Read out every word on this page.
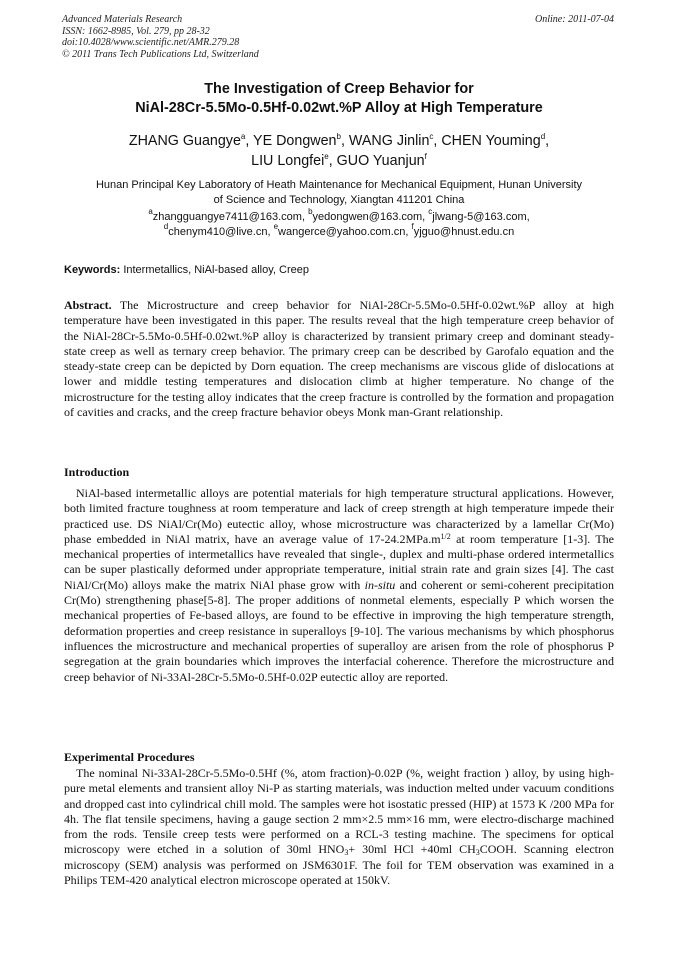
Advanced Materials Research
ISSN: 1662-8985, Vol. 279, pp 28-32
doi:10.4028/www.scientific.net/AMR.279.28
© 2011 Trans Tech Publications Ltd, Switzerland
Online: 2011-07-04
The Investigation of Creep Behavior for
NiAl-28Cr-5.5Mo-0.5Hf-0.02wt.%P Alloy at High Temperature
ZHANG Guangye$^a$, YE Dongwen$^b$, WANG Jinlin$^c$, CHEN Youming$^d$,
LIU Longfei$^e$, GUO Yuanjun$^f$
Hunan Principal Key Laboratory of Heath Maintenance for Mechanical Equipment, Hunan University
of Science and Technology, Xiangtan 411201 China
$^a$zhangguangye7411@163.com, $^b$yedongwen@163.com, $^c$jlwang-5@163.com,
$^d$chenym410@live.cn, $^e$wangerce@yahoo.com.cn, $^f$yjguo@hnust.edu.cn
Keywords: Intermetallics, NiAl-based alloy, Creep

Abstract. The Microstructure and creep behavior for NiAl-28Cr-5.5Mo-0.5Hf-0.02wt.%P alloy at high temperature have been investigated in this paper. The results reveal that the high temperature creep behavior of the NiAl-28Cr-5.5Mo-0.5Hf-0.02wt.%P alloy is characterized by transient primary creep and dominant steady-state creep as well as ternary creep behavior. The primary creep can be described by Garofalo equation and the steady-state creep can be depicted by Dorn equation. The creep mechanisms are viscous glide of dislocations at lower and middle testing temperatures and dislocation climb at higher temperature. No change of the microstructure for the testing alloy indicates that the creep fracture is controlled by the formation and propagation of cavities and cracks, and the creep fracture behavior obeys Monk man-Grant relationship.

Introduction

NiAl-based intermetallic alloys are potential materials for high temperature structural applications. However, both limited fracture toughness at room temperature and lack of creep strength at high temperature impede their practiced use. DS NiAl/Cr(Mo) eutectic alloy, whose microstructure was characterized by a lamellar Cr(Mo) phase embedded in NiAl matrix, have an average value of $17-24.2MPa.m^{1/2}$ at room temperature [1-3]. The mechanical properties of intermetallics have revealed that single-, duplex and multi-phase ordered intermetallics can be super plastically deformed under appropriate temperature, initial strain rate and grain sizes [4]. The cast NiAl/Cr(Mo) alloys make the matrix NiAl phase grow with in-situ and coherent or semi-coherent precipitation Cr(Mo) strengthening phase[5-8]. The proper additions of nonmetal elements, especially P which worsen the mechanical properties of Fe-based alloys, are found to be effective in improving the high temperature strength, deformation properties and creep resistance in superalloys [9-10]. The various mechanisms by which phosphorus influences the microstructure and mechanical properties of superalloy are arisen from the role of phosphorus P segregation at the grain boundaries which improves the interfacial coherence. Therefore the microstructure and creep behavior of Ni-33Al-28Cr-5.5Mo-0.5Hf-0.02P eutectic alloy are reported.

Experimental Procedures

The nominal Ni-33Al-28Cr-5.5Mo-0.5Hf (%, atom fraction)-0.02P (%, weight fraction ) alloy, by using high-pure metal elements and transient alloy Ni-P as starting materials, was induction melted under vacuum conditions and dropped cast into cylindrical chill mold. The samples were hot isostatic pressed (HIP) at 1573 K /200 MPa for 4h. The flat tensile specimens, having a gauge section 2 mm×2.5 mm×16 mm, were electro-discharge machined from the rods. Tensile creep tests were performed on a RCL-3 testing machine. The specimens for optical microscopy were etched in a solution of 30ml $HNO_3+ 30ml$ HCl +40ml $CH_3COOH$. Scanning electron microscopy (SEM) analysis was performed on JSM6301F. The foil for TEM observation was examined in a Philips TEM-420 analytical electron microscope operated at 150kV.
